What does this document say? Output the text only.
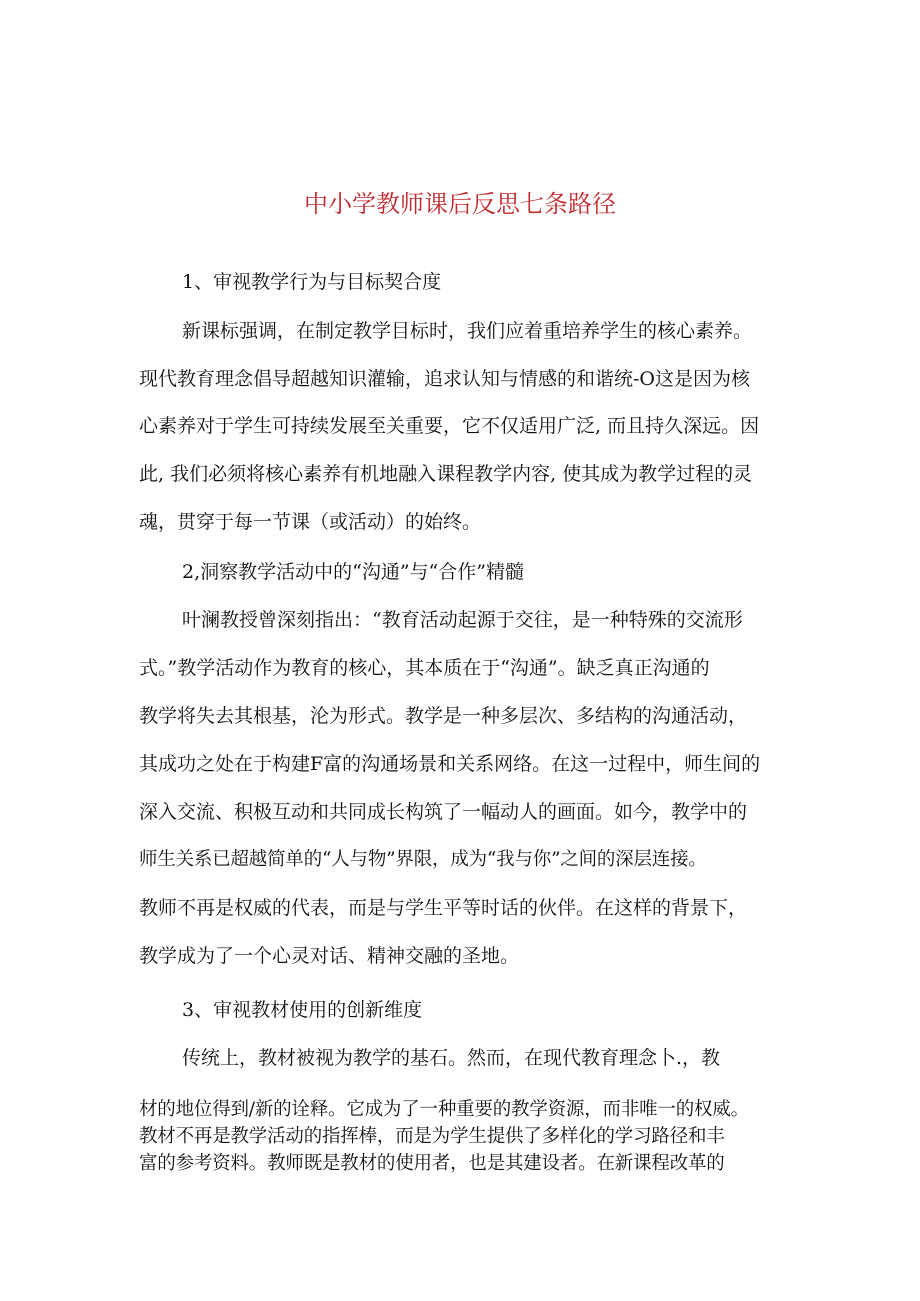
中小学教师课后反思七条路径
1、审视教学行为与目标契合度
新课标强调，在制定教学目标时，我们应着重培养学生的核心素养。
现代教育理念倡导超越知识灌输，追求认知与情感的和谐统-O这是因为核
心素养对于学生可持续发展至关重要，它不仅适用广泛, 而且持久深远。因
此, 我们必须将核心素养有机地融入课程教学内容, 使其成为教学过程的灵
魂，贯穿于每一节课（或活动）的始终。
2,洞察教学活动中的“沟通”与“合作”精髓
叶澜教授曾深刻指出：“教育活动起源于交往，是一种特殊的交流形
式。”教学活动作为教育的核心，其本质在于“沟通”。缺乏真正沟通的
教学将失去其根基，沦为形式。教学是一种多层次、多结构的沟通活动，
其成功之处在于构建F富的沟通场景和关系网络。在这一过程中，师生间的
深入交流、积极互动和共同成长构筑了一幅动人的画面。如今，教学中的
师生关系已超越简单的“人与物”界限，成为“我与你”之间的深层连接。
教师不再是权威的代表，而是与学生平等时话的伙伴。在这样的背景下，
教学成为了一个心灵对话、精神交融的圣地。
3、审视教材使用的创新维度
传统上，教材被视为教学的基石。然而，在现代教育理念卜.，教
材的地位得到/新的诠释。它成为了一种重要的教学资源，而非唯一的权威。
教材不再是教学活动的指挥棒，而是为学生提供了多样化的学习路径和丰
富的参考资料。教师既是教材的使用者，也是其建设者。在新课程改革的
